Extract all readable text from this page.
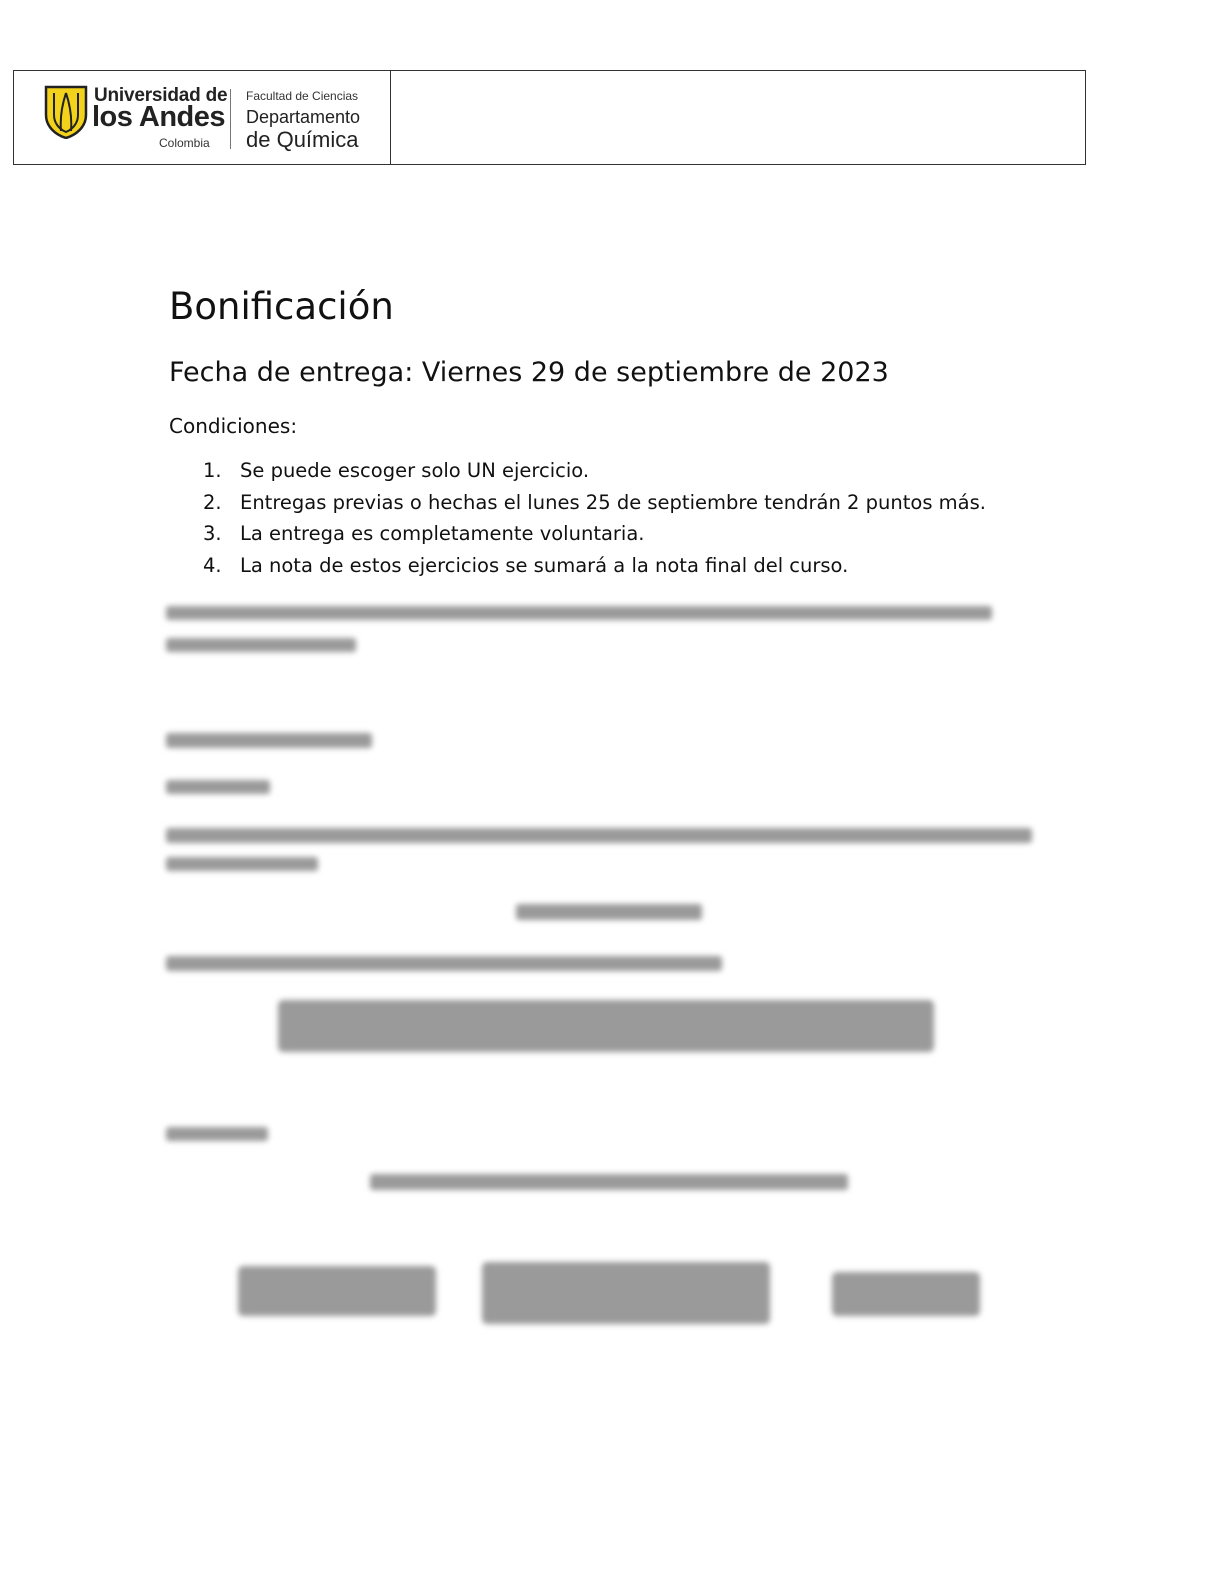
Universidad de
los Andes
Colombia
Facultad de Ciencias
Departamento
de Química
Bonificación
Fecha de entrega: Viernes 29 de septiembre de 2023
Condiciones:
1. Se puede escoger solo UN ejercicio.
2. Entregas previas o hechas el lunes 25 de septiembre tendrán 2 puntos más.
3. La entrega es completamente voluntaria.
4. La nota de estos ejercicios se sumará a la nota final del curso.
